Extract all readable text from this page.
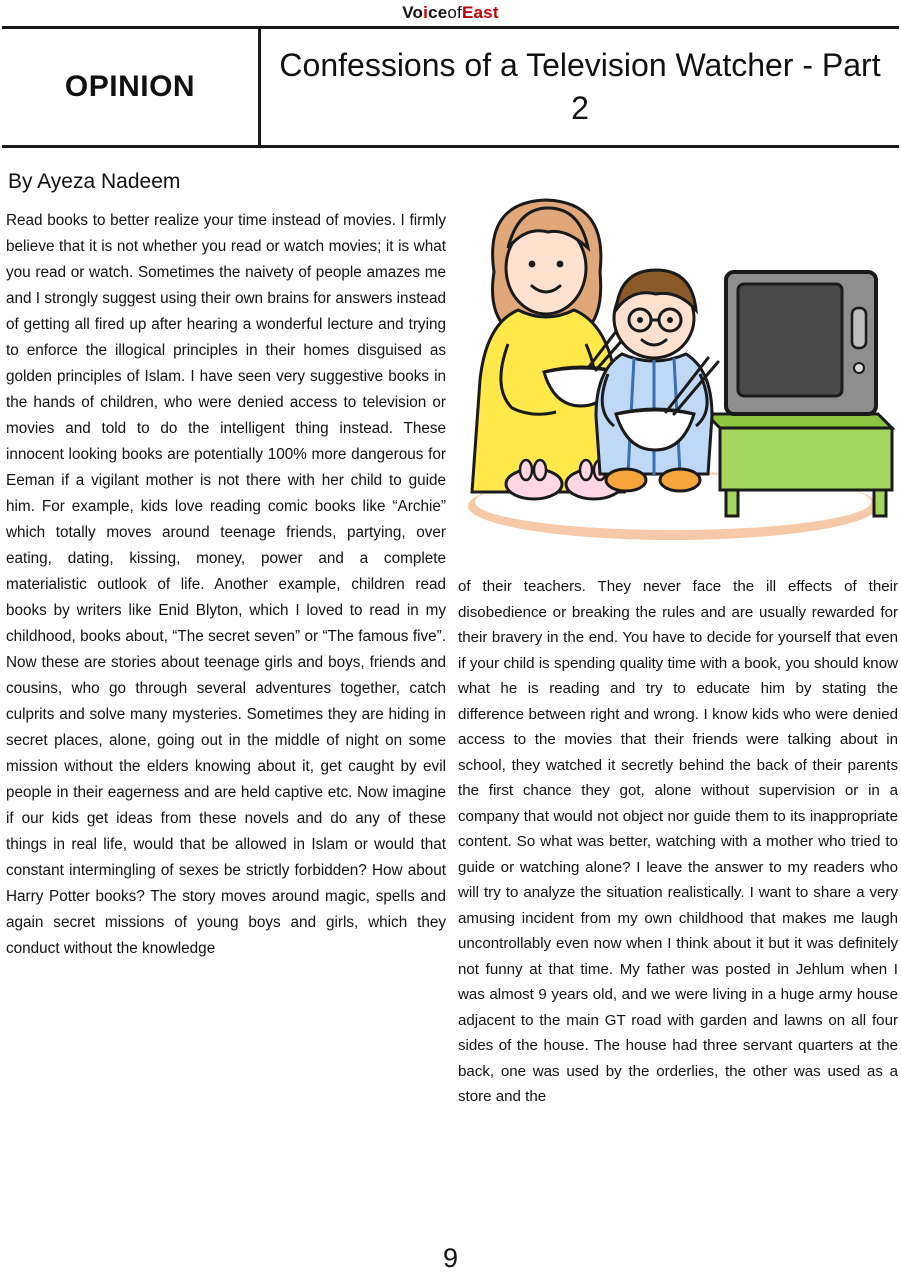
Voice of East
OPINION
Confessions of a Television Watcher - Part 2
By Ayeza Nadeem

Read books to better realize your time instead of movies. I firmly believe that it is not whether you read or watch movies; it is what you read or watch. Sometimes the naivety of people amazes me and I strongly suggest using their own brains for answers instead of getting all fired up after hearing a wonderful lecture and trying to enforce the illogical principles in their homes disguised as golden principles of Islam. I have seen very suggestive books in the hands of children, who were denied access to television or movies and told to do the intelligent thing instead. These innocent looking books are potentially 100% more dangerous for Eeman if a vigilant mother is not there with her child to guide him. For example, kids love reading comic books like “Archie” which totally moves around teenage friends, partying, over eating, dating, kissing, money, power and a complete materialistic outlook of life. Another example, children read books by writers like Enid Blyton, which I loved to read in my childhood, books about, “The secret seven” or “The famous five”. Now these are stories about teenage girls and boys, friends and cousins, who go through several adventures together, catch culprits and solve many mysteries. Sometimes they are hiding in secret places, alone, going out in the middle of night on some mission without the elders knowing about it, get caught by evil people in their eagerness and are held captive etc. Now imagine if our kids get ideas from these novels and do any of these things in real life, would that be allowed in Islam or would that constant intermingling of sexes be strictly forbidden? How about Harry Potter books? The story moves around magic, spells and again secret missions of young boys and girls, which they conduct without the knowledge

of their teachers. They never face the ill effects of their disobedience or breaking the rules and are usually rewarded for their bravery in the end. You have to decide for yourself that even if your child is spending quality time with a book, you should know what he is reading and try to educate him by stating the difference between right and wrong. I know kids who were denied access to the movies that their friends were talking about in school, they watched it secretly behind the back of their parents the first chance they got, alone without supervision or in a company that would not object nor guide them to its inappropriate content. So what was better, watching with a mother who tried to guide or watching alone? I leave the answer to my readers who will try to analyze the situation realistically. I want to share a very amusing incident from my own childhood that makes me laugh uncontrollably even now when I think about it but it was definitely not funny at that time. My father was posted in Jehlum when I was almost 9 years old, and we were living in a huge army house adjacent to the main GT road with garden and lawns on all four sides of the house. The house had three servant quarters at the back, one was used by the orderlies, the other was used as a store and the

9
